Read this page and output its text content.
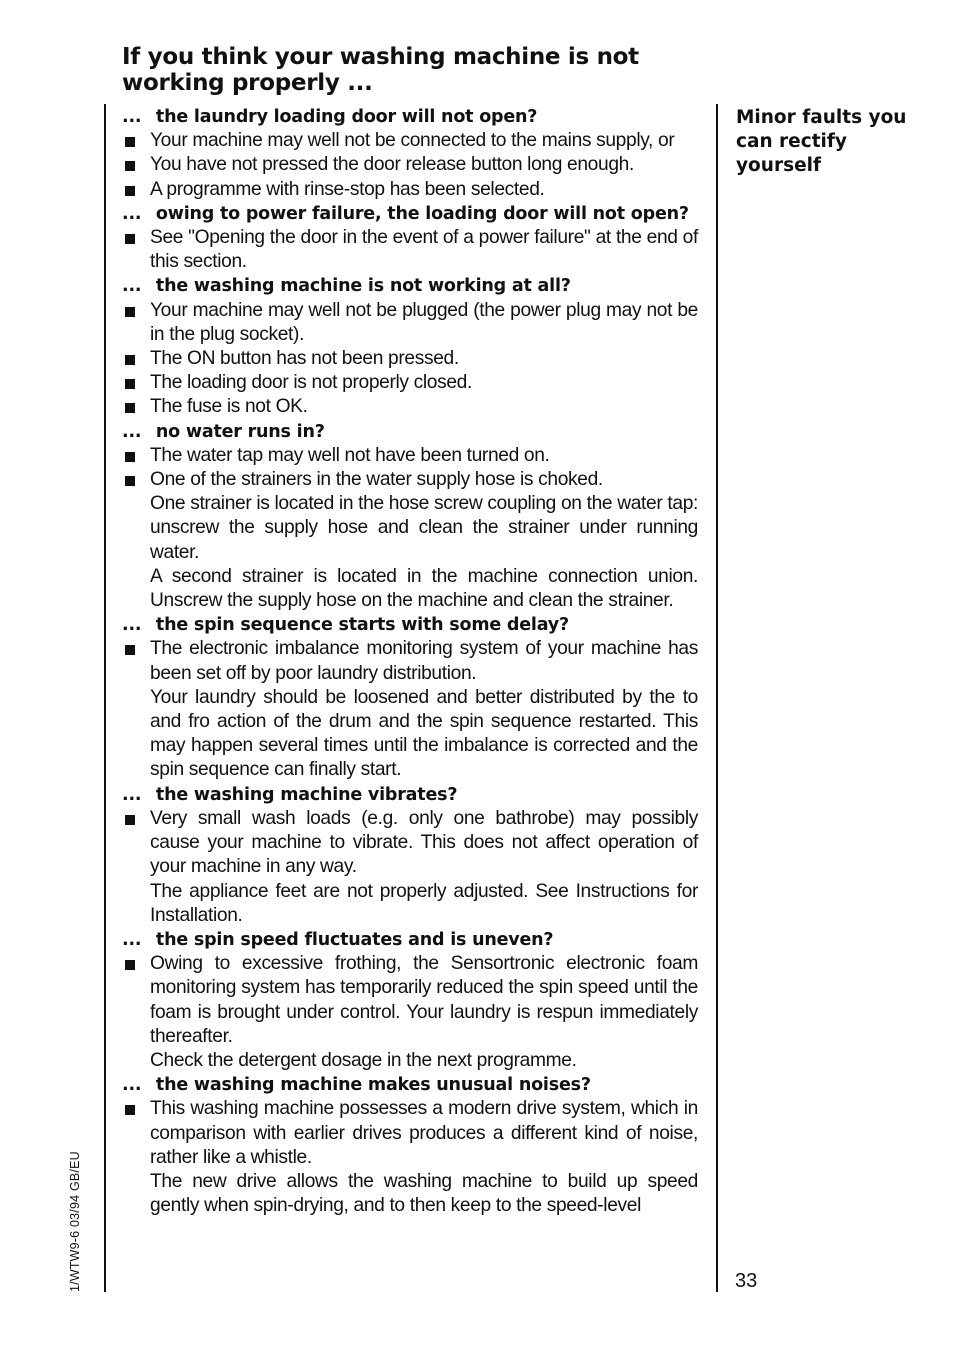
If you think your washing machine is not working properly ...
... the laundry loading door will not open?
Your machine may well not be connected to the mains supply, or
You have not pressed the door release button long enough.
A programme with rinse-stop has been selected.
... owing to power failure, the loading door will not open?
See "Opening the door in the event of a power failure" at the end of this section.
... the washing machine is not working at all?
Your machine may well not be plugged (the power plug may not be in the plug socket).
The ON button has not been pressed.
The loading door is not properly closed.
The fuse is not OK.
... no water runs in?
The water tap may well not have been turned on.
One of the strainers in the water supply hose is choked.
One strainer is located in the hose screw coupling on the water tap: unscrew the supply hose and clean the strainer under running water.
A second strainer is located in the machine connection union. Unscrew the supply hose on the machine and clean the strainer.
... the spin sequence starts with some delay?
The electronic imbalance monitoring system of your machine has been set off by poor laundry distribution.
Your laundry should be loosened and better distributed by the to and fro action of the drum and the spin sequence restarted. This may happen several times until the imbalance is corrected and the spin sequence can finally start.
... the washing machine vibrates?
Very small wash loads (e.g. only one bathrobe) may possibly cause your machine to vibrate. This does not affect operation of your machine in any way.
The appliance feet are not properly adjusted. See Instructions for Installation.
... the spin speed fluctuates and is uneven?
Owing to excessive frothing, the Sensortronic electronic foam monitoring system has temporarily reduced the spin speed until the foam is brought under control. Your laundry is respun immediately thereafter.
Check the detergent dosage in the next programme.
... the washing machine makes unusual noises?
This washing machine possesses a modern drive system, which in comparison with earlier drives produces a different kind of noise, rather like a whistle.
The new drive allows the washing machine to build up speed gently when spin-drying, and to then keep to the speed-level
Minor faults you can rectify yourself
33
1/WTW9-6 03/94 GB/EU
